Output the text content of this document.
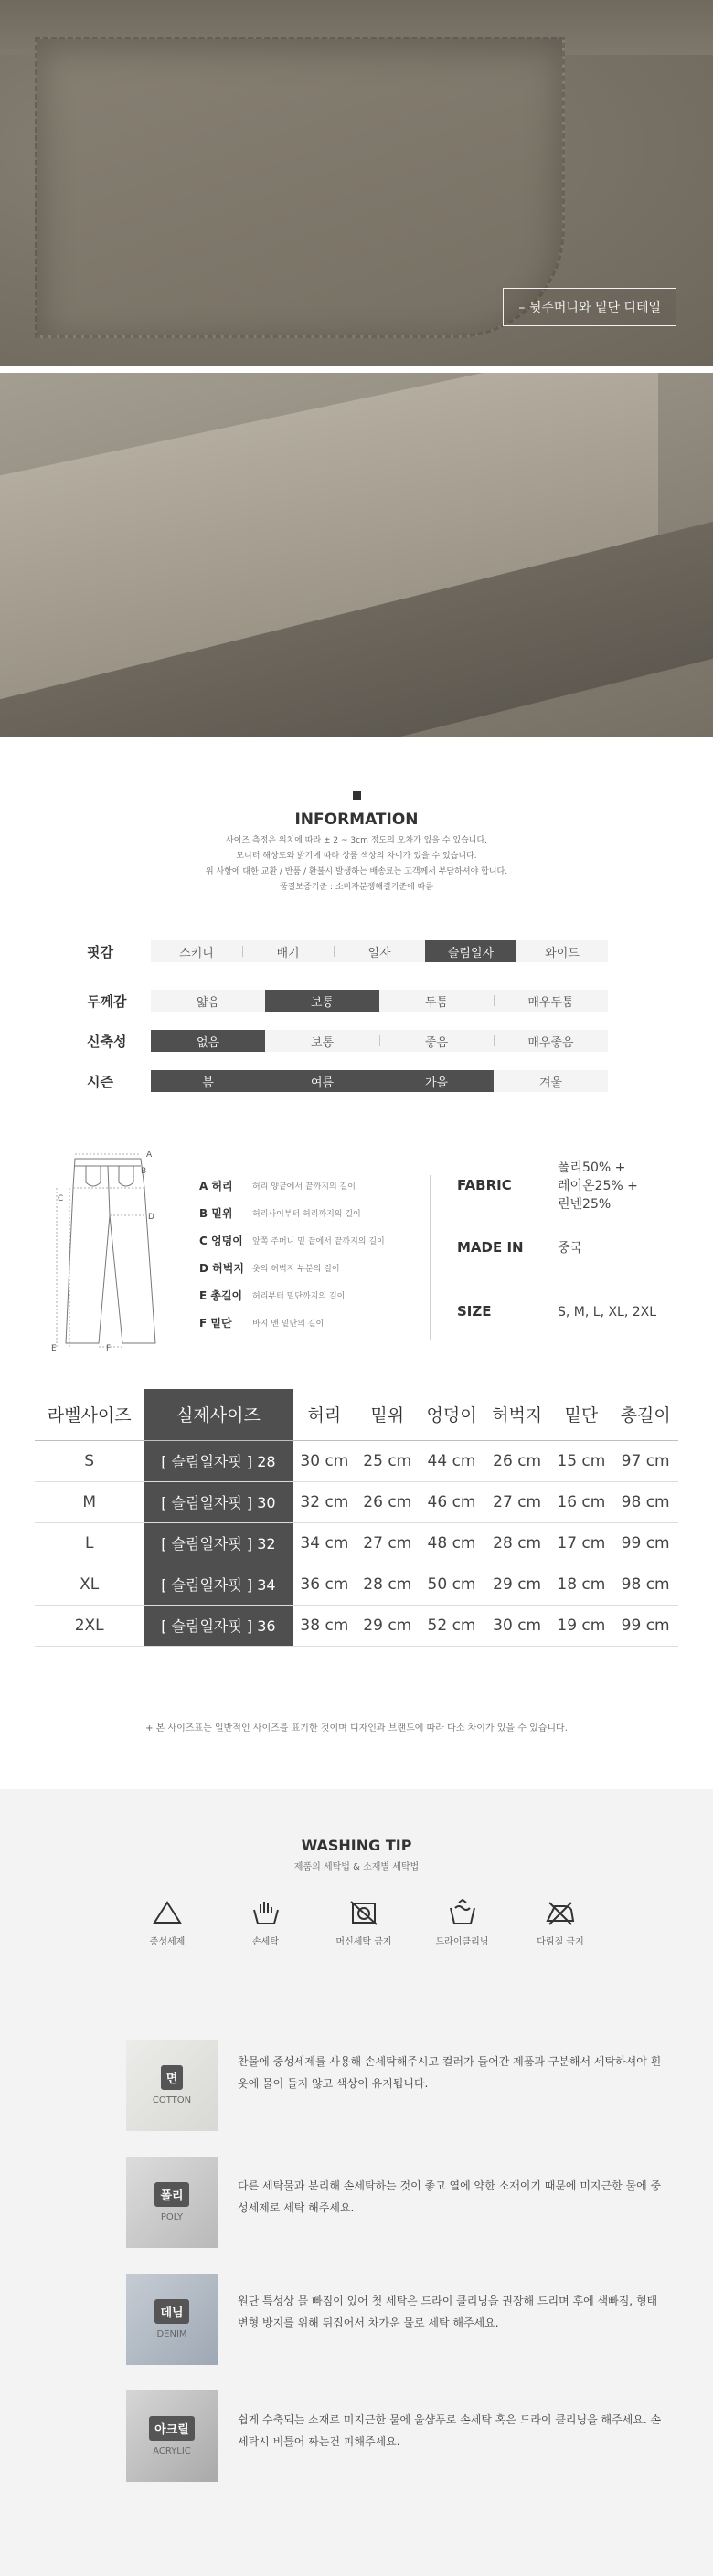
– 뒷주머니와 밑단 디테일
INFORMATION
사이즈 측정은 위치에 따라 ± 2 ~ 3cm 정도의 오차가 있을 수 있습니다.
모니터 해상도와 밝기에 따라 상품 색상의 차이가 있을 수 있습니다.
위 사항에 대한 교환 / 반품 / 환불시 발생하는 배송료는 고객께서 부담하셔야 합니다.
품질보증기준 : 소비자분쟁해결기준에 따름
핏감	스키니	배기	일자	슬림일자	와이드
두께감	얇음	보통	두툼	매우두툼
신축성	없음	보통	좋음	매우좋음
시즌	봄	여름	가을	겨울
A
B
C
D
E	F
A 허리	허리 양끝에서 끝까지의 길이
B 밑위	허리사이부터 허리까지의 길이
C 엉덩이	앞쪽 주머니 밑 끝에서 끝까지의 길이
D 허벅지	옷의 허벅지 부분의 길이
E 총길이	허리부터 밑단까지의 길이
F 밑단	바지 맨 밑단의 길이
FABRIC
폴리50% +
레이온25% +
린넨25%
MADE IN	중국
SIZE	S, M, L, XL, 2XL
라벨사이즈	실제사이즈	허리	밑위	엉덩이	허벅지	밑단	총길이
S	[ 슬림일자핏 ] 28	30 cm	25 cm	44 cm	26 cm	15 cm	97 cm
M	[ 슬림일자핏 ] 30	32 cm	26 cm	46 cm	27 cm	16 cm	98 cm
L	[ 슬림일자핏 ] 32	34 cm	27 cm	48 cm	28 cm	17 cm	99 cm
XL	[ 슬림일자핏 ] 34	36 cm	28 cm	50 cm	29 cm	18 cm	98 cm
2XL	[ 슬림일자핏 ] 36	38 cm	29 cm	52 cm	30 cm	19 cm	99 cm
+ 본 사이즈표는 일반적인 사이즈를 표기한 것이며 디자인과 브랜드에 따라 다소 차이가 있을 수 있습니다.
WASHING TIP
제품의 세탁법 & 소재별 세탁법
중성세제	손세탁	머신세탁 금지	드라이클리닝	다림질 금지
면
COTTON
찬물에 중성세제를 사용해 손세탁해주시고 컬러가 들어간 제품과 구분해서 세탁하셔야 흰옷에 물이 들지 않고 색상이 유지됩니다.
폴리
POLY
다른 세탁물과 분리해 손세탁하는 것이 좋고 열에 약한 소재이기 때문에 미지근한 물에 중성세제로 세탁 해주세요.
데님
DENIM
원단 특성상 물 빠짐이 있어 첫 세탁은 드라이 클리닝을 권장해 드리며 후에 색빠짐, 형태변형 방지를 위해 뒤집어서 차가운 물로 세탁 해주세요.
아크릴
ACRYLIC
쉽게 수축되는 소재로 미지근한 물에 울샴푸로 손세탁 혹은 드라이 클리닝을 해주세요. 손 세탁시 비틀어 짜는건 피해주세요.
